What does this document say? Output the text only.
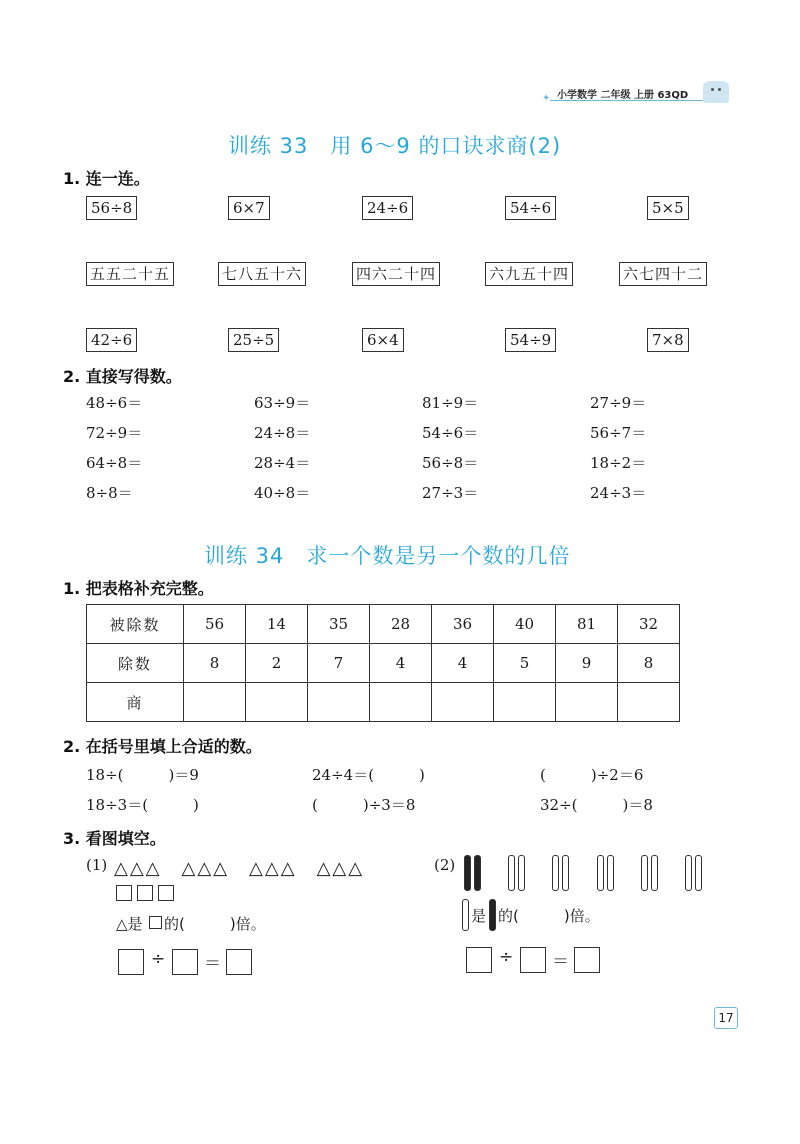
✦ 小学数学 二年级 上册 63QD
训练 33　用 6～9 的口诀求商(2)
1. 连一连。
56÷8	6×7	24÷6	54÷6	5×5
五五二十五	七八五十六	四六二十四	六九五十四	六七四十二
42÷6	25÷5	6×4	54÷9	7×8
2. 直接写得数。
48÷6＝	63÷9＝	81÷9＝	27÷9＝
72÷9＝	24÷8＝	54÷6＝	56÷7＝
64÷8＝	28÷4＝	56÷8＝	18÷2＝
8÷8＝	40÷8＝	27÷3＝	24÷3＝
训练 34　求一个数是另一个数的几倍
1. 把表格补充完整。
被除数	56	14	35	28	36	40	81	32
除数	8	2	7	4	4	5	9	8
商								
2. 在括号里填上合适的数。
18÷(　　　)＝9	24÷4＝(　　　)	(　　　)÷2＝6
18÷3＝(　　　)	(　　　)÷3＝8	32÷(　　　)＝8
3. 看图填空。
(1) △△△　△△△　△△△　△△△
△是 的(　　　)倍。
÷ ＝
(2)
是 的(　　　)倍。
÷ ＝
17
